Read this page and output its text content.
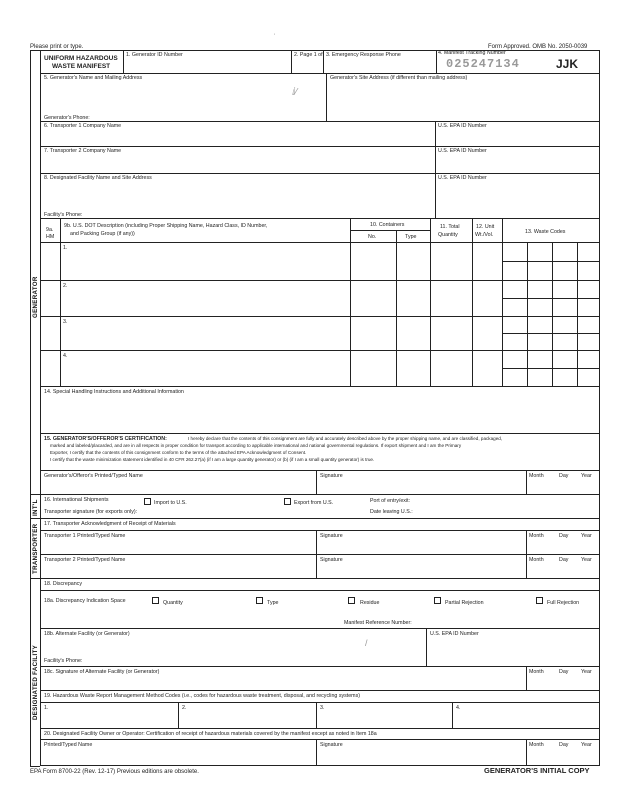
'
Please print or type.	Form Approved. OMB No. 2050-0039
UNIFORM HAZARDOUS
WASTE MANIFEST
1. Generator ID Number	2. Page 1 of 3. Emergency Response Phone	4. Manifest Tracking Number
025247134	JJK
5. Generator's Name and Mailing Address	Generator's Site Address (if different than mailing address)
Generator's Phone:
ⅈ⁄
6. Transporter 1 Company Name	U.S. EPA ID Number
7. Transporter 2 Company Name	U.S. EPA ID Number
8. Designated Facility Name and Site Address	U.S. EPA ID Number
Facility's Phone:
9a.
HM
9b. U.S. DOT Description (including Proper Shipping Name, Hazard Class, ID Number,
and Packing Group (if any))
10. Containers
No.	Type
11. Total
Quantity
12. Unit
Wt./Vol.	13. Waste Codes
1.
2.
3.
4.
14. Special Handling Instructions and Additional Information
15. GENERATOR'S/OFFEROR'S CERTIFICATION:	I hereby declare that the contents of this consignment are fully and accurately described above by the proper shipping name, and are classified, packaged,
marked and labeled/placarded, and are in all respects in proper condition for transport according to applicable international and national governmental regulations. If export shipment and I am the Primary
Exporter, I certify that the contents of this consignment conform to the terms of the attached EPA Acknowledgment of Consent.
I certify that the waste minimization statement identified in 40 CFR 262.27(a) (if I am a large quantity generator) or (b) (if I am a small quantity generator) is true.
Generator's/Offeror's Printed/Typed Name	Signature	Month	Day Year
16. International Shipments	Import to U.S.	Export from U.S.	Port of entry/exit:
Transporter signature (for exports only):	Date leaving U.S.:
17. Transporter Acknowledgment of Receipt of Materials
Transporter 1 Printed/Typed Name	Signature	Month	Day Year
Transporter 2 Printed/Typed Name	Signature	Month	Day Year
18. Discrepancy
18a. Discrepancy Indication Space	Quantity	Type	Residue	Partial Rejection	Full Rejection
Manifest Reference Number:
18b. Alternate Facility (or Generator)	U.S. EPA ID Number
/
Facility's Phone:
18c. Signature of Alternate Facility (or Generator)	Month	Day Year
19. Hazardous Waste Report Management Method Codes (i.e., codes for hazardous waste treatment, disposal, and recycling systems)
1.	2.	3.	4.
20. Designated Facility Owner or Operator: Certification of receipt of hazardous materials covered by the manifest except as noted in Item 18a
Printed/Typed Name	Signature	Month	Day Year
GENERATOR
INT'L
TRANSPORTER
DESIGNATED FACILITY
EPA Form 8700-22 (Rev. 12-17) Previous editions are obsolete.	GENERATOR'S INITIAL COPY
